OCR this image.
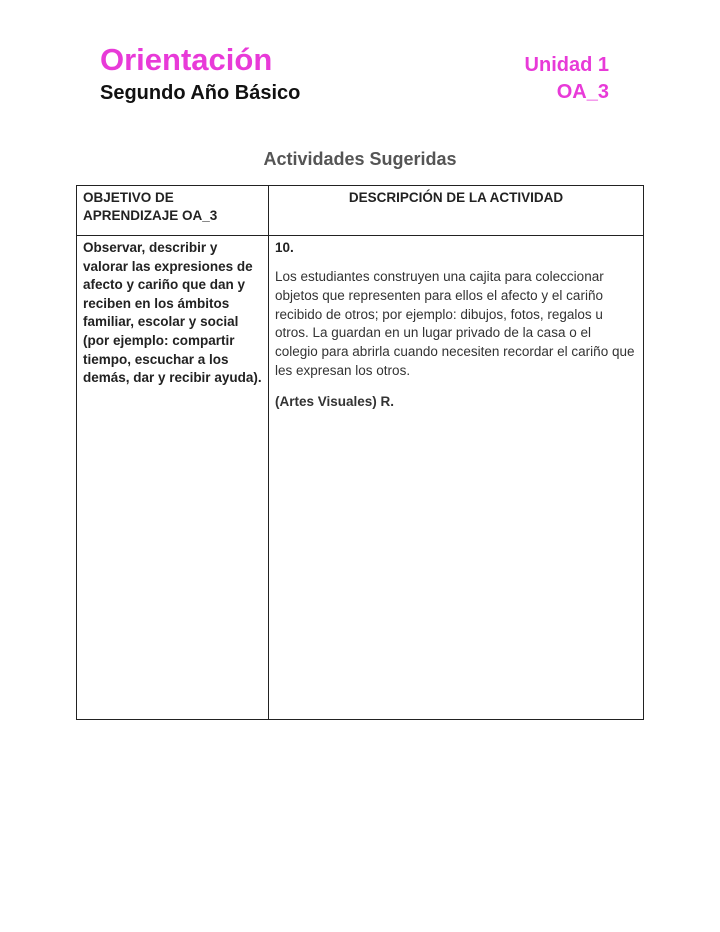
Orientación
Segundo Año Básico

Unidad 1

OA_3

Actividades Sugeridas
OBJETIVO DE APRENDIZAJE OA_3	DESCRIPCIÓN DE LA ACTIVIDAD
Observar, describir y valorar las expresiones de afecto y cariño que dan y reciben en los ámbitos familiar, escolar y social (por ejemplo: compartir tiempo, escuchar a los demás, dar y recibir ayuda).	10.

Los estudiantes construyen una cajita para coleccionar objetos que representen para ellos el afecto y el cariño recibido de otros; por ejemplo: dibujos, fotos, regalos u otros. La guardan en un lugar privado de la casa o el colegio para abrirla cuando necesiten recordar el cariño que les expresan los otros.

(Artes Visuales) R.
